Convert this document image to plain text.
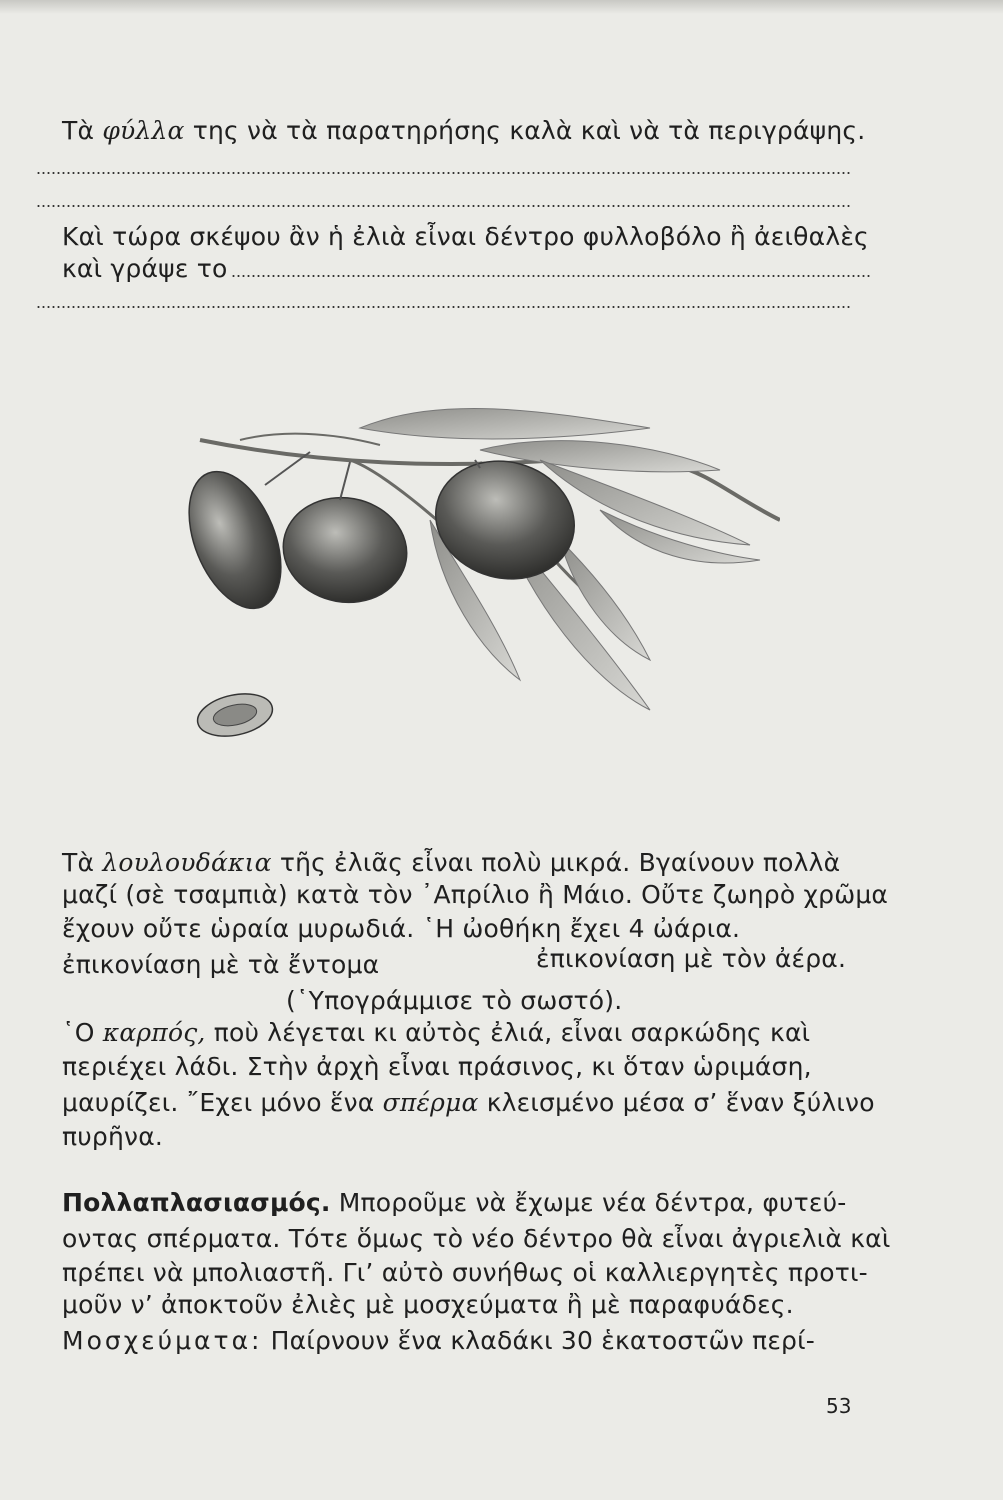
Τὰ φύλλα της νὰ τὰ παρατηρήσης καλὰ καὶ νὰ τὰ περιγράψης.
Καὶ τώρα σκέψου ἂν ἡ ἐλιὰ εἶναι δέντρο φυλλοβόλο ἢ ἀειθαλὲς
καὶ γράψε το
Τὰ λουλουδάκια τῆς ἐλιᾶς εἶναι πολὺ μικρά. Βγαίνουν πολλὰ
μαζί (σὲ τσαμπιὰ) κατὰ τὸν ᾿Απρίλιο ἢ Μάιο. Οὔτε ζωηρὸ χρῶμα
ἔχουν οὔτε ὡραία μυρωδιά. ῾Η ὠοθήκη ἔχει 4 ὠάρια.
ἐπικονίαση μὲ τὰ ἔντομα	ἐπικονίαση μὲ τὸν ἀέρα.
(῾Υπογράμμισε τὸ σωστό).
῾Ο καρπός, ποὺ λέγεται κι αὐτὸς ἐλιά, εἶναι σαρκώδης καὶ
περιέχει λάδι. Στὴν ἀρχὴ εἶναι πράσινος, κι ὅταν ὡριμάση,
μαυρίζει. ῎Εχει μόνο ἕνα σπέρμα κλεισμένο μέσα σ’ ἕναν ξύλινο
πυρῆνα.
Πολλαπλασιασμός. Μποροῦμε νὰ ἔχωμε νέα δέντρα, φυτεύ-
οντας σπέρματα. Τότε ὅμως τὸ νέο δέντρο θὰ εἶναι ἀγριελιὰ καὶ
πρέπει νὰ μπολιαστῆ. Γι’ αὐτὸ συνήθως οἱ καλλιεργητὲς προτι-
μοῦν ν’ ἀποκτοῦν ἐλιὲς μὲ μοσχεύματα ἢ μὲ παραφυάδες.
Μοσχεύματα: Παίρνουν ἕνα κλαδάκι 30 ἑκατοστῶν περί-
53
